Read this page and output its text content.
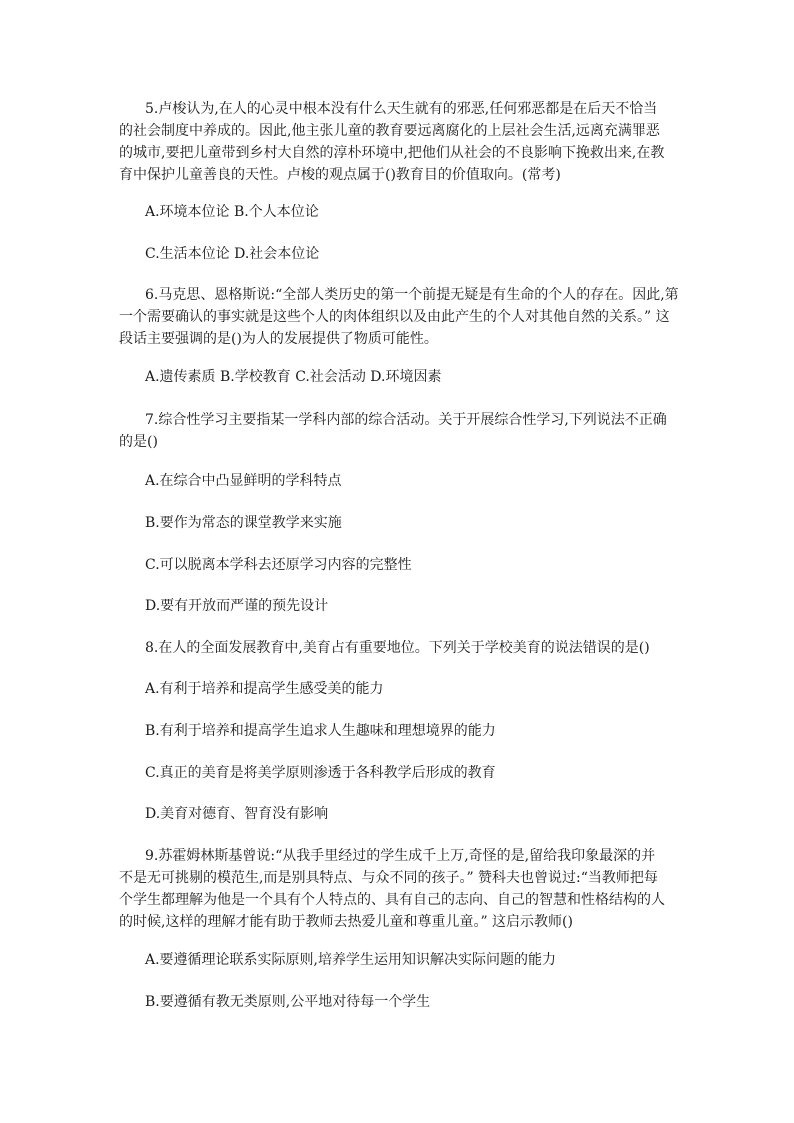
5.卢梭认为,在人的心灵中根本没有什么天生就有的邪恶,任何邪恶都是在后天不恰当
的社会制度中养成的。因此,他主张儿童的教育要远离腐化的上层社会生活,远离充满罪恶
的城市,要把儿童带到乡村大自然的淳朴环境中,把他们从社会的不良影响下挽救出来,在教
育中保护儿童善良的天性。卢梭的观点属于()教育目的价值取向。(常考)

A.环境本位论 B.个人本位论

C.生活本位论 D.社会本位论

6.马克思、恩格斯说:“全部人类历史的第一个前提无疑是有生命的个人的存在。因此,第
一个需要确认的事实就是这些个人的肉体组织以及由此产生的个人对其他自然的关系。” 这
段话主要强调的是()为人的发展提供了物质可能性。

A.遗传素质 B.学校教育 C.社会活动 D.环境因素

7.综合性学习主要指某一学科内部的综合活动。关于开展综合性学习,下列说法不正确
的是()

A.在综合中凸显鲜明的学科特点

B.要作为常态的课堂教学来实施

C.可以脱离本学科去还原学习内容的完整性

D.要有开放而严谨的预先设计

8.在人的全面发展教育中,美育占有重要地位。下列关于学校美育的说法错误的是()

A.有利于培养和提高学生感受美的能力

B.有利于培养和提高学生追求人生趣味和理想境界的能力

C.真正的美育是将美学原则渗透于各科教学后形成的教育

D.美育对德育、智育没有影响

9.苏霍姆林斯基曾说:“从我手里经过的学生成千上万,奇怪的是,留给我印象最深的并
不是无可挑剔的模范生,而是别具特点、与众不同的孩子。” 赞科夫也曾说过:“当教师把每
个学生都理解为他是一个具有个人特点的、具有自己的志向、自己的智慧和性格结构的人
的时候,这样的理解才能有助于教师去热爱儿童和尊重儿童。” 这启示教师()

A.要遵循理论联系实际原则,培养学生运用知识解决实际问题的能力

B.要遵循有教无类原则,公平地对待每一个学生
